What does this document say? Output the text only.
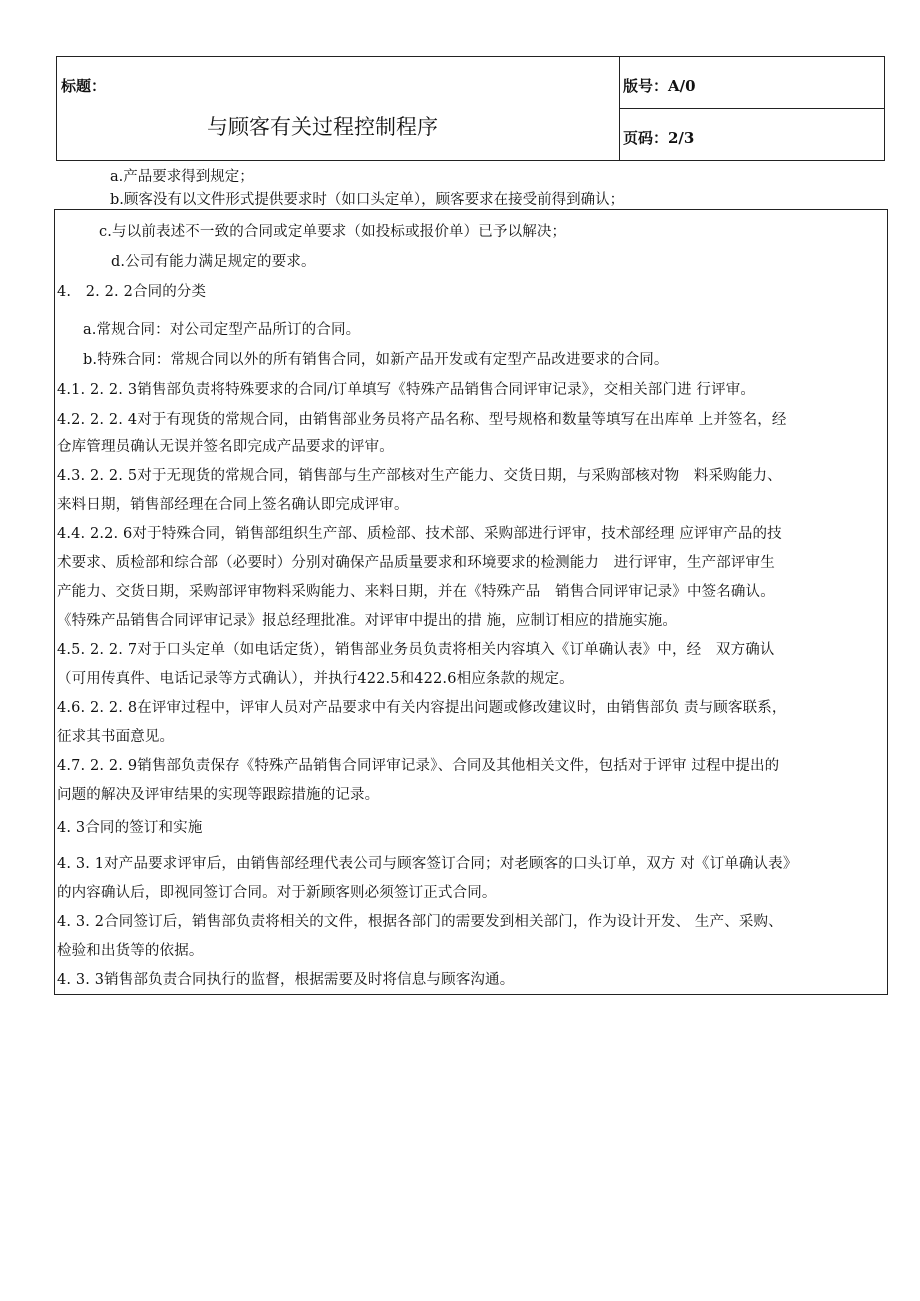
标题：
与顾客有关过程控制程序
版号：A/0
页码：2/3
a.产品要求得到规定；
b.顾客没有以文件形式提供要求时（如口头定单），顾客要求在接受前得到确认；
c.与以前表述不一致的合同或定单要求（如投标或报价单）已予以解决；
d.公司有能力满足规定的要求。
4.　2. 2. 2合同的分类
a.常规合同：对公司定型产品所订的合同。
b.特殊合同：常规合同以外的所有销售合同，如新产品开发或有定型产品改进要求的合同。
4.1. 2. 2. 3销售部负责将特殊要求的合同/订单填写《特殊产品销售合同评审记录》，交相关部门进 行评审。
4.2. 2. 2. 4对于有现货的常规合同，由销售部业务员将产品名称、型号规格和数量等填写在出库单 上并签名，经
仓库管理员确认无误并签名即完成产品要求的评审。
4.3. 2. 2. 5对于无现货的常规合同，销售部与生产部核对生产能力、交货日期，与采购部核对物　料采购能力、
来料日期，销售部经理在合同上签名确认即完成评审。
4.4. 2.2. 6对于特殊合同，销售部组织生产部、质检部、技术部、采购部进行评审，技术部经理 应评审产品的技
术要求、质检部和综合部（必要时）分别对确保产品质量要求和环境要求的检测能力　进行评审，生产部评审生
产能力、交货日期，采购部评审物料采购能力、来料日期，并在《特殊产品　销售合同评审记录》中签名确认。
《特殊产品销售合同评审记录》报总经理批准。对评审中提出的措 施，应制订相应的措施实施。
4.5. 2. 2. 7对于口头定单（如电话定货），销售部业务员负责将相关内容填入《订单确认表》中，经　双方确认
（可用传真件、电话记录等方式确认），并执行422.5和422.6相应条款的规定。
4.6. 2. 2. 8在评审过程中，评审人员对产品要求中有关内容提出问题或修改建议时，由销售部负 责与顾客联系，
征求其书面意见。
4.7. 2. 2. 9销售部负责保存《特殊产品销售合同评审记录》、合同及其他相关文件，包括对于评审 过程中提出的
问题的解决及评审结果的实现等跟踪措施的记录。
4. 3合同的签订和实施
4. 3. 1对产品要求评审后，由销售部经理代表公司与顾客签订合同；对老顾客的口头订单，双方 对《订单确认表》
的内容确认后，即视同签订合同。对于新顾客则必须签订正式合同。
4. 3. 2合同签订后，销售部负责将相关的文件，根据各部门的需要发到相关部门，作为设计开发、 生产、采购、
检验和出货等的依据。
4. 3. 3销售部负责合同执行的监督，根据需要及时将信息与顾客沟通。
